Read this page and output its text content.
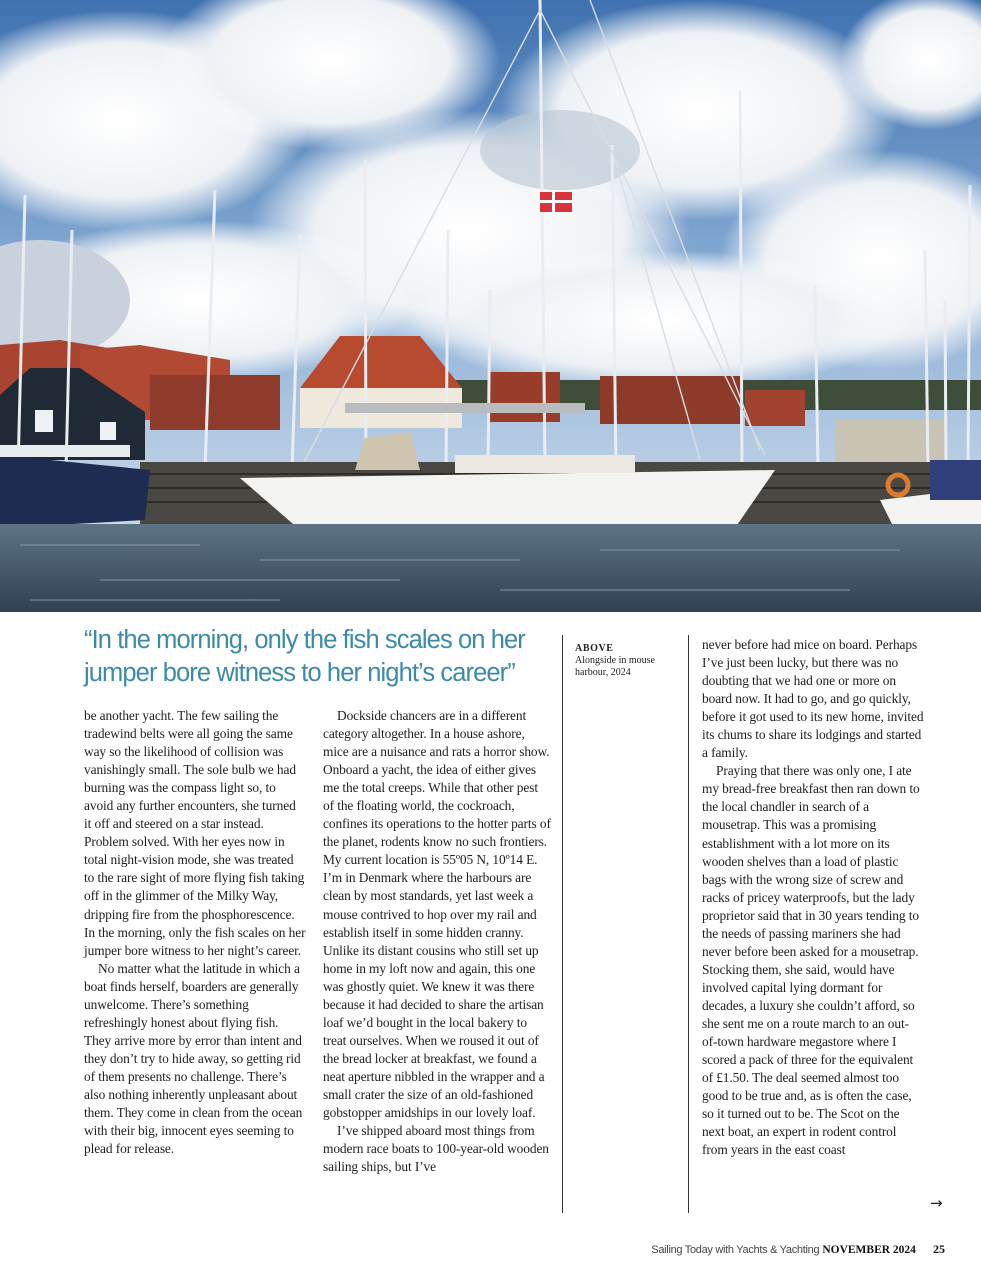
“In the morning, only the fish scales on her jumper bore witness to her night’s career”

be another yacht. The few sailing the tradewind belts were all going the same way so the likelihood of collision was vanishingly small. The sole bulb we had burning was the compass light so, to avoid any further encounters, she turned it off and steered on a star instead. Problem solved. With her eyes now in total night-vision mode, she was treated to the rare sight of more flying fish taking off in the glimmer of the Milky Way, dripping fire from the phosphorescence. In the morning, only the fish scales on her jumper bore witness to her night’s career.

No matter what the latitude in which a boat finds herself, boarders are generally unwelcome. There’s something refreshingly honest about flying fish. They arrive more by error than intent and they don’t try to hide away, so getting rid of them presents no challenge. There’s also nothing inherently unpleasant about them. They come in clean from the ocean with their big, innocent eyes seeming to plead for release.

Dockside chancers are in a different category altogether. In a house ashore, mice are a nuisance and rats a horror show. Onboard a yacht, the idea of either gives me the total creeps. While that other pest of the floating world, the cockroach, confines its operations to the hotter parts of the planet, rodents know no such frontiers. My current location is 55º05 N, 10º14 E. I’m in Denmark where the harbours are clean by most standards, yet last week a mouse contrived to hop over my rail and establish itself in some hidden cranny. Unlike its distant cousins who still set up home in my loft now and again, this one was ghostly quiet. We knew it was there because it had decided to share the artisan loaf we’d bought in the local bakery to treat ourselves. When we roused it out of the bread locker at breakfast, we found a neat aperture nibbled in the wrapper and a small crater the size of an old-fashioned gobstopper amidships in our lovely loaf.

I’ve shipped aboard most things from modern race boats to 100-year-old wooden sailing ships, but I’ve

ABOVE
Alongside in mouse harbour, 2024

never before had mice on board. Perhaps I’ve just been lucky, but there was no doubting that we had one or more on board now. It had to go, and go quickly, before it got used to its new home, invited its chums to share its lodgings and started a family.

Praying that there was only one, I ate my bread-free breakfast then ran down to the local chandler in search of a mousetrap. This was a promising establishment with a lot more on its wooden shelves than a load of plastic bags with the wrong size of screw and racks of pricey waterproofs, but the lady proprietor said that in 30 years tending to the needs of passing mariners she had never before been asked for a mousetrap. Stocking them, she said, would have involved capital lying dormant for decades, a luxury she couldn’t afford, so she sent me on a route march to an out-of-town hardware megastore where I scored a pack of three for the equivalent of £1.50. The deal seemed almost too good to be true and, as is often the case, so it turned out to be. The Scot on the next boat, an expert in rodent control from years in the east coast

→
Sailing Today with Yachts & Yachting NOVEMBER 2024 25
